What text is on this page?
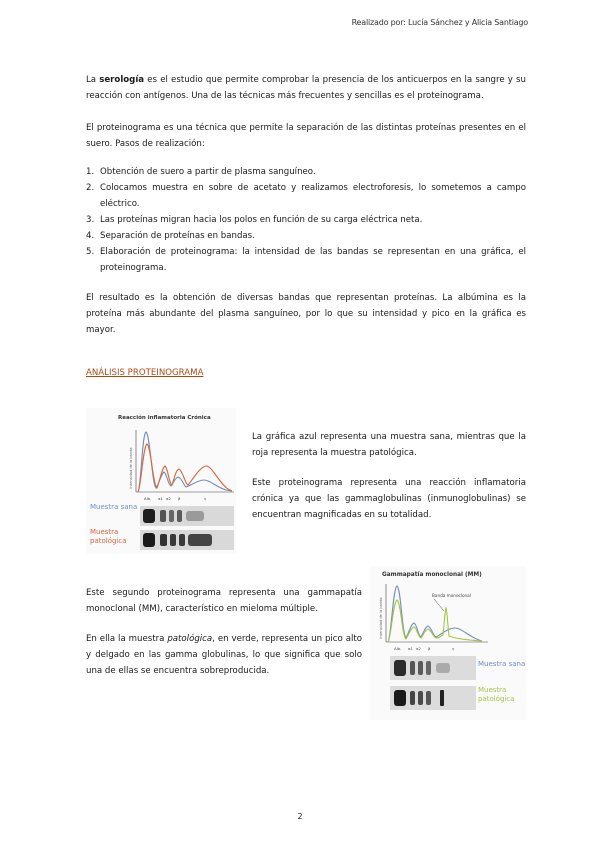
Realizado por: Lucía Sánchez y Alicia Santiago

La serología es el estudio que permite comprobar la presencia de los anticuerpos en la sangre y su reacción con antígenos. Una de las técnicas más frecuentes y sencillas es el proteinograma.

El proteinograma es una técnica que permite la separación de las distintas proteínas presentes en el suero. Pasos de realización:

1. Obtención de suero a partir de plasma sanguíneo.
2. Colocamos muestra en sobre de acetato y realizamos electroforesis, lo sometemos a campo eléctrico.
3. Las proteínas migran hacia los polos en función de su carga eléctrica neta.
4. Separación de proteínas en bandas.
5. Elaboración de proteinograma: la intensidad de las bandas se representan en una gráfica, el proteinograma.

El resultado es la obtención de diversas bandas que representan proteínas. La albúmina es la proteína más abundante del plasma sanguíneo, por lo que su intensidad y pico en la gráfica es mayor.

ANÁLISIS PROTEINOGRAMA
Reacción inflamatoria Crónica
Intensidad de la banda
Alb. α1 α2 β	γ
Muestra sana
Muestra patológica

La gráfica azul representa una muestra sana, mientras que la roja representa la muestra patológica.

Este proteinograma representa una reacción inflamatoria crónica ya que las gammaglobulinas (inmunoglobulinas) se encuentran magnificadas en su totalidad.

Este segundo proteinograma representa una gammapatía monoclonal (MM), característico en mieloma múltiple.

En ella la muestra patológica, en verde, representa un pico alto y delgado en las gamma globulinas, lo que significa que solo una de ellas se encuentra sobreproducida.

Gammapatía monoclonal (MM)
Intensidad de la banda
Banda monoclonal
Alb. α1 α2 β	γ
Muestra sana
Muestra patológica
2
